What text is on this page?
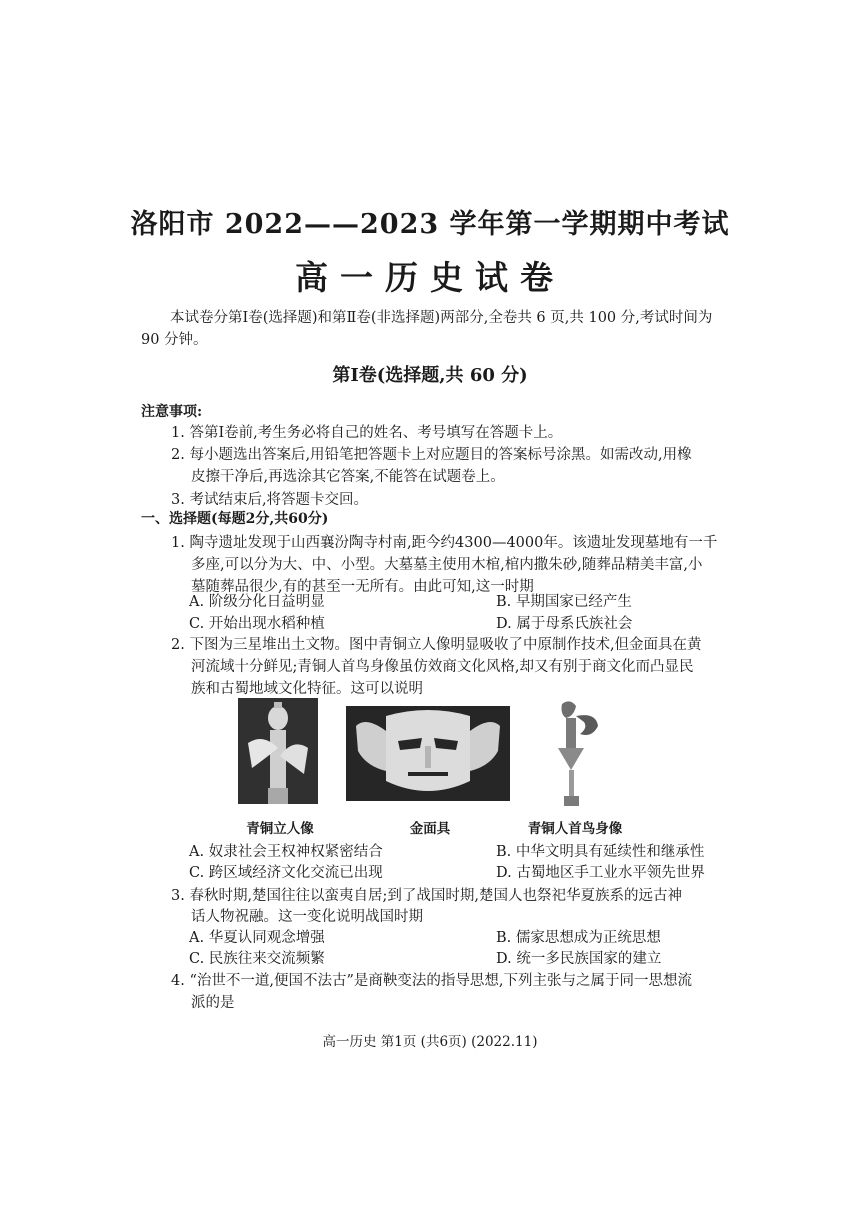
洛阳市 2022——2023 学年第一学期期中考试
高一历史试卷
本试卷分第Ⅰ卷(选择题)和第Ⅱ卷(非选择题)两部分,全卷共 6 页,共 100 分,考试时间为 90 分钟。
第Ⅰ卷(选择题,共 60 分)
注意事项:
1. 答第Ⅰ卷前,考生务必将自己的姓名、考号填写在答题卡上。
2. 每小题选出答案后,用铅笔把答题卡上对应题目的答案标号涂黑。如需改动,用橡
皮擦干净后,再选涂其它答案,不能答在试题卷上。
3. 考试结束后,将答题卡交回。
一、选择题(每题2分,共60分)
1. 陶寺遗址发现于山西襄汾陶寺村南,距今约4300—4000年。该遗址发现墓地有一千
多座,可以分为大、中、小型。大墓墓主使用木棺,棺内撒朱砂,随葬品精美丰富,小
墓随葬品很少,有的甚至一无所有。由此可知,这一时期
A. 阶级分化日益明显	B. 早期国家已经产生
C. 开始出现水稻种植	D. 属于母系氏族社会
2. 下图为三星堆出土文物。图中青铜立人像明显吸收了中原制作技术,但金面具在黄
河流域十分鲜见;青铜人首鸟身像虽仿效商文化风格,却又有别于商文化而凸显民
族和古蜀地域文化特征。这可以说明
青铜立人像	金面具	青铜人首鸟身像
A. 奴隶社会王权神权紧密结合	B. 中华文明具有延续性和继承性
C. 跨区域经济文化交流已出现	D. 古蜀地区手工业水平领先世界
3. 春秋时期,楚国往往以蛮夷自居;到了战国时期,楚国人也祭祀华夏族系的远古神
话人物祝融。这一变化说明战国时期
A. 华夏认同观念增强	B. 儒家思想成为正统思想
C. 民族往来交流频繁	D. 统一多民族国家的建立
4. “治世不一道,便国不法古”是商鞅变法的指导思想,下列主张与之属于同一思想流
派的是
高一历史 第1页 (共6页) (2022.11)
